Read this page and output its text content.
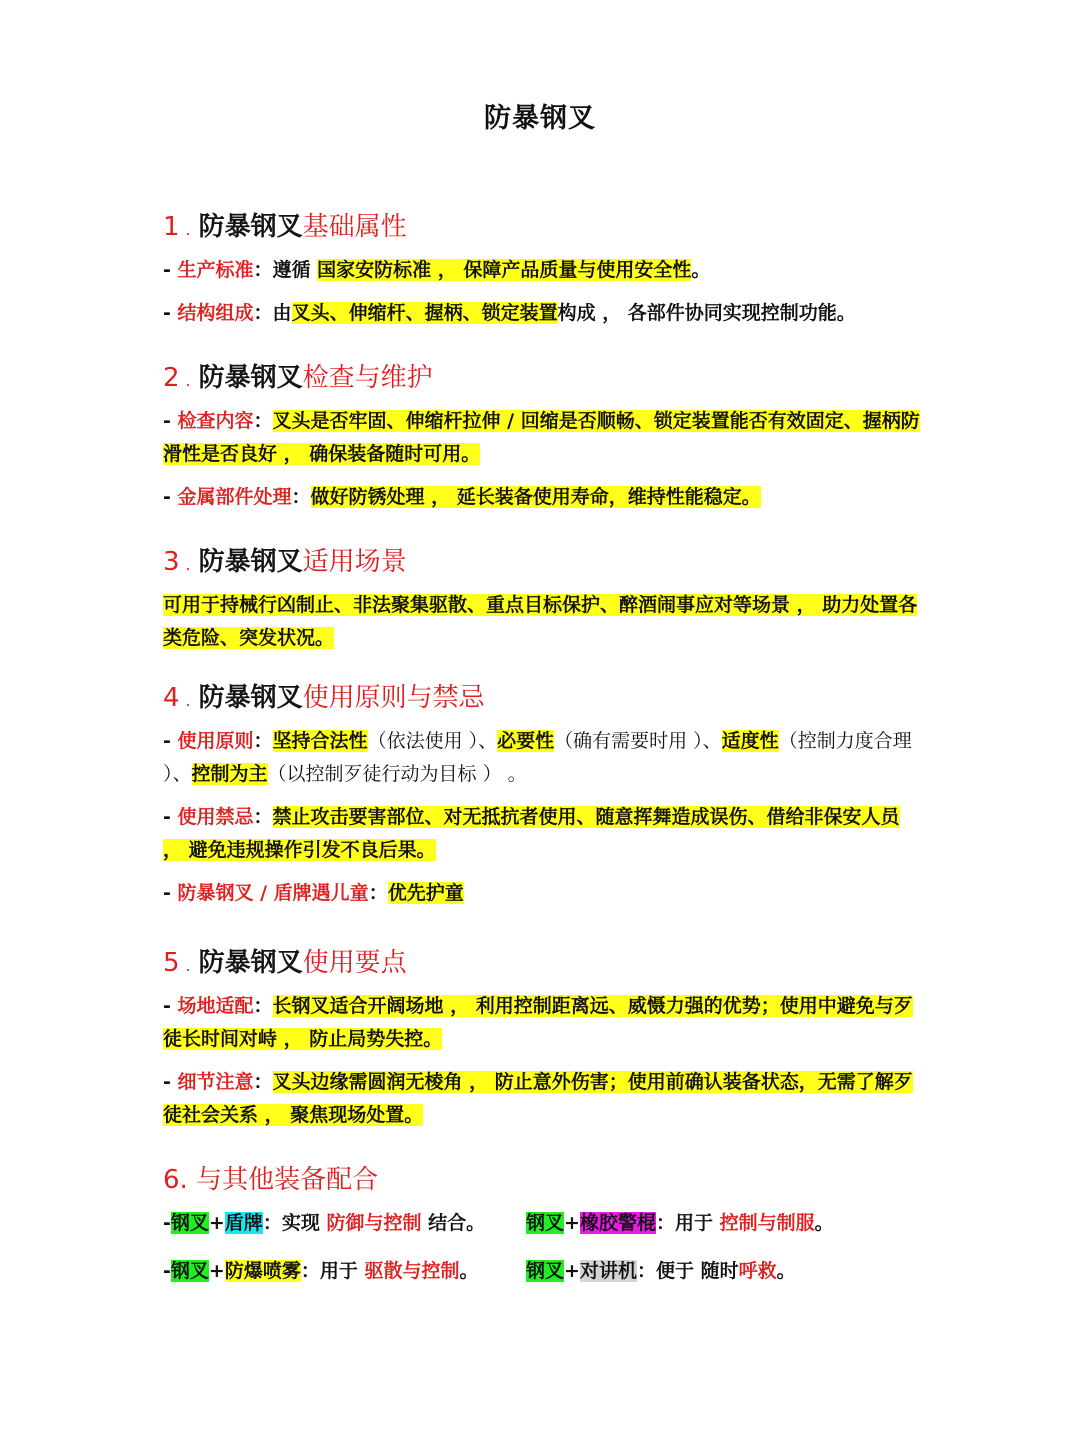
防暴钢叉
1 . 防暴钢叉基础属性
- 生产标准：遵循 国家安防标准 ， 保障产品质量与使用安全性。
- 结构组成：由叉头、伸缩杆、握柄、锁定装置构成 ， 各部件协同实现控制功能。
2 . 防暴钢叉检查与维护
- 检查内容：叉头是否牢固、伸缩杆拉伸 / 回缩是否顺畅、锁定装置能否有效固定、握柄防滑性是否良好 ， 确保装备随时可用。
- 金属部件处理：做好防锈处理 ， 延长装备使用寿命，维持性能稳定。
3 . 防暴钢叉适用场景
可用于持械行凶制止、非法聚集驱散、重点目标保护、醉酒闹事应对等场景 ， 助力处置各类危险、突发状况。
4 . 防暴钢叉使用原则与禁忌
- 使用原则：坚持合法性（依法使用 ）、必要性（确有需要时用 ）、适度性（控制力度合理 ）、控制为主（以控制歹徒行动为目标 ） 。
- 使用禁忌：禁止攻击要害部位、对无抵抗者使用、随意挥舞造成误伤、借给非保安人员 ， 避免违规操作引发不良后果。
- 防暴钢叉 / 盾牌遇儿童：优先护童
5 . 防暴钢叉使用要点
- 场地适配：长钢叉适合开阔场地 ， 利用控制距离远、威慑力强的优势；使用中避免与歹徒长时间对峙 ， 防止局势失控。
- 细节注意：叉头边缘需圆润无棱角 ， 防止意外伤害；使用前确认装备状态，无需了解歹徒社会关系 ， 聚焦现场处置。
6. 与其他装备配合
-钢叉+盾牌：实现 防御与控制 结合。 钢叉+橡胶警棍：用于 控制与制服。
-钢叉+防爆喷雾：用于 驱散与控制。 钢叉+对讲机：便于 随时呼救。
